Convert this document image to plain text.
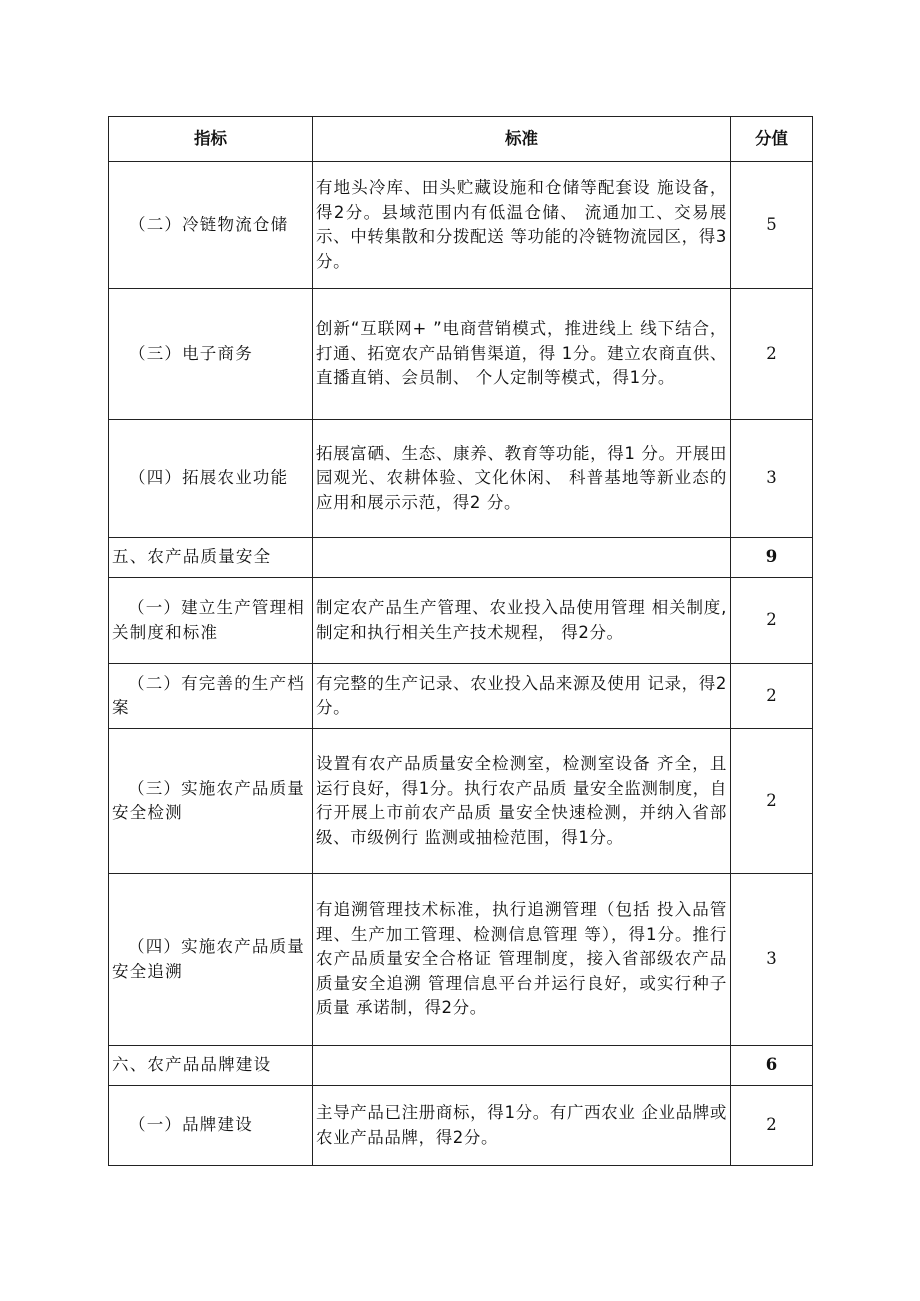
指标	标准	分值
（二）冷链物流仓储	有地头冷库、田头贮藏设施和仓储等配套设 施设备，得2分。县域范围内有低温仓储、 流通加工、交易展示、中转集散和分拨配送 等功能的冷链物流园区，得3分。	5
（三）电子商务	创新“互联网+ ”电商营销模式，推进线上 线下结合，打通、拓宽农产品销售渠道，得 1分。建立农商直供、直播直销、会员制、 个人定制等模式，得1分。	2
（四）拓展农业功能	拓展富硒、生态、康养、教育等功能，得1 分。开展田园观光、农耕体验、文化休闲、 科普基地等新业态的应用和展示示范，得2 分。	3
五、农产品质量安全		9

（一）建立生产管理相关制度和标准	制定农产品生产管理、农业投入品使用管理 相关制度,制定和执行相关生产技术规程， 得2分。	2

（二）有完善的生产档案	有完整的生产记录、农业投入品来源及使用 记录，得2分。	2

（三）实施农产品质量安全检测	设置有农产品质量安全检测室，检测室设备 齐全，且运行良好，得1分。执行农产品质 量安全监测制度，自行开展上市前农产品质 量安全快速检测，并纳入省部级、市级例行 监测或抽检范围，得1分。	2

（四）实施农产品质量安全追溯	有追溯管理技术标准，执行追溯管理（包括 投入品管理、生产加工管理、检测信息管理 等），得1分。推行农产品质量安全合格证 管理制度，接入省部级农产品质量安全追溯 管理信息平台并运行良好，或实行种子质量 承诺制，得2分。	3
六、农产品品牌建设		6
（一）品牌建设	主导产品已注册商标，得1分。有广西农业 企业品牌或农业产品品牌，得2分。	2
